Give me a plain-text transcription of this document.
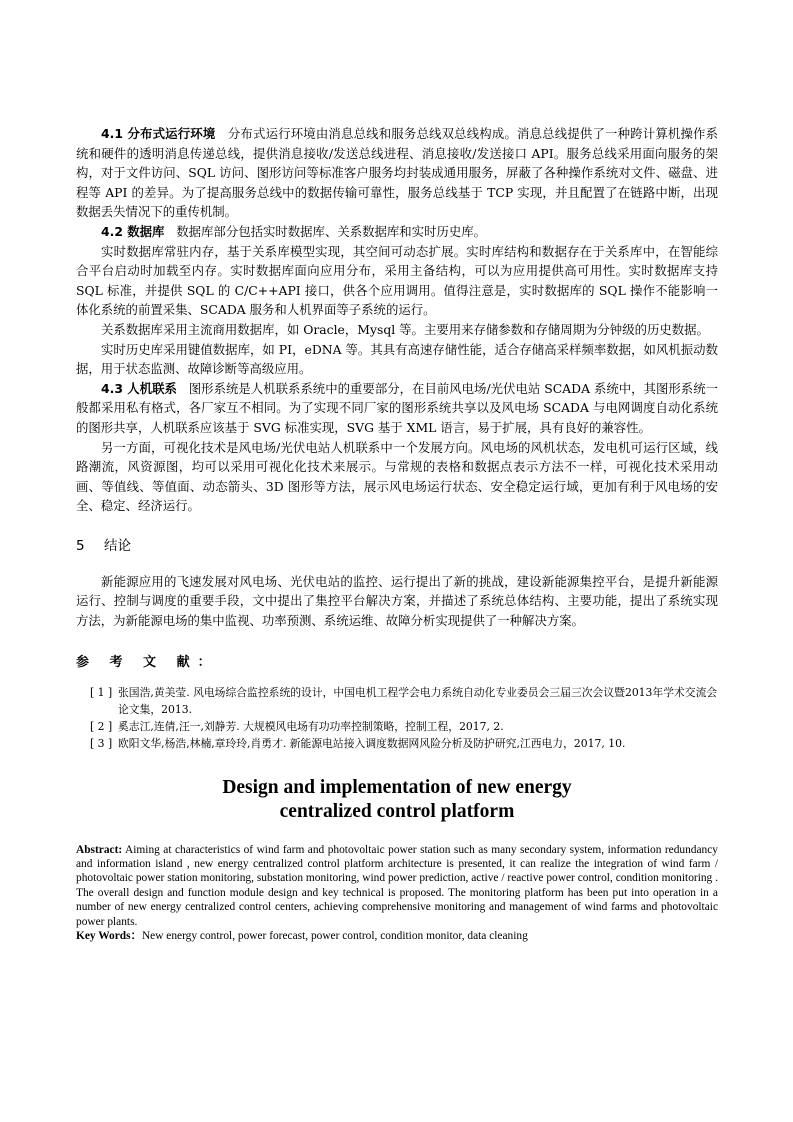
4.1 分布式运行环境 分布式运行环境由消息总线和服务总线双总线构成。消息总线提供了一种跨计算机操作系统和硬件的透明消息传递总线，提供消息接收/发送总线进程、消息接收/发送接口 API。服务总线采用面向服务的架构，对于文件访问、SQL 访问、图形访问等标准客户服务均封装成通用服务，屏蔽了各种操作系统对文件、磁盘、进程等 API 的差异。为了提高服务总线中的数据传输可靠性，服务总线基于 TCP 实现，并且配置了在链路中断，出现数据丢失情况下的重传机制。

4.2 数据库 数据库部分包括实时数据库、关系数据库和实时历史库。

实时数据库常驻内存，基于关系库模型实现，其空间可动态扩展。实时库结构和数据存在于关系库中，在智能综合平台启动时加载至内存。实时数据库面向应用分布，采用主备结构，可以为应用提供高可用性。实时数据库支持 SQL 标准，并提供 SQL 的 C/C++API 接口，供各个应用调用。值得注意是，实时数据库的 SQL 操作不能影响一体化系统的前置采集、SCADA 服务和人机界面等子系统的运行。

关系数据库采用主流商用数据库，如 Oracle，Mysql 等。主要用来存储参数和存储周期为分钟级的历史数据。

实时历史库采用键值数据库，如 PI，eDNA 等。其具有高速存储性能，适合存储高采样频率数据，如风机振动数据，用于状态监测、故障诊断等高级应用。

4.3 人机联系 图形系统是人机联系系统中的重要部分，在目前风电场/光伏电站 SCADA 系统中，其图形系统一般都采用私有格式，各厂家互不相同。为了实现不同厂家的图形系统共享以及风电场 SCADA 与电网调度自动化系统的图形共享，人机联系应该基于 SVG 标准实现，SVG 基于 XML 语言，易于扩展，具有良好的兼容性。

另一方面，可视化技术是风电场/光伏电站人机联系中一个发展方向。风电场的风机状态，发电机可运行区域，线路潮流，风资源图，均可以采用可视化化技术来展示。与常规的表格和数据点表示方法不一样，可视化技术采用动画、等值线、等值面、动态箭头、3D 图形等方法，展示风电场运行状态、安全稳定运行域，更加有利于风电场的安全、稳定、经济运行。

5 结论

新能源应用的飞速发展对风电场、光伏电站的监控、运行提出了新的挑战，建设新能源集控平台，是提升新能源运行、控制与调度的重要手段，文中提出了集控平台解决方案，并描述了系统总体结构、主要功能，提出了系统实现方法，为新能源电场的集中监视、功率预测、系统运维、故障分析实现提供了一种解决方案。

参 考 文 献：
[ 1 ] 张国浩,黄美莹. 风电场综合监控系统的设计，中国电机工程学会电力系统自动化专业委员会三届三次会议暨2013年学术交流会论文集，2013.
[ 2 ] 奚志江,连倩,汪一,刘静芳. 大规模风电场有功功率控制策略，控制工程，2017, 2.
[ 3 ] 欧阳文华,杨浩,林楠,章玲玲,肖勇才. 新能源电站接入调度数据网风险分析及防护研究,江西电力，2017, 10.
Design and implementation of new energy
centralized control platform
Abstract: Aiming at characteristics of wind farm and photovoltaic power station such as many secondary system, information redundancy and information island , new energy centralized control platform architecture is presented, it can realize the integration of wind farm / photovoltaic power station monitoring, substation monitoring, wind power prediction, active / reactive power control, condition monitoring . The overall design and function module design and key technical is proposed. The monitoring platform has been put into operation in a number of new energy centralized control centers, achieving comprehensive monitoring and management of wind farms and photovoltaic power plants.
Key Words：New energy control, power forecast, power control, condition monitor, data cleaning
